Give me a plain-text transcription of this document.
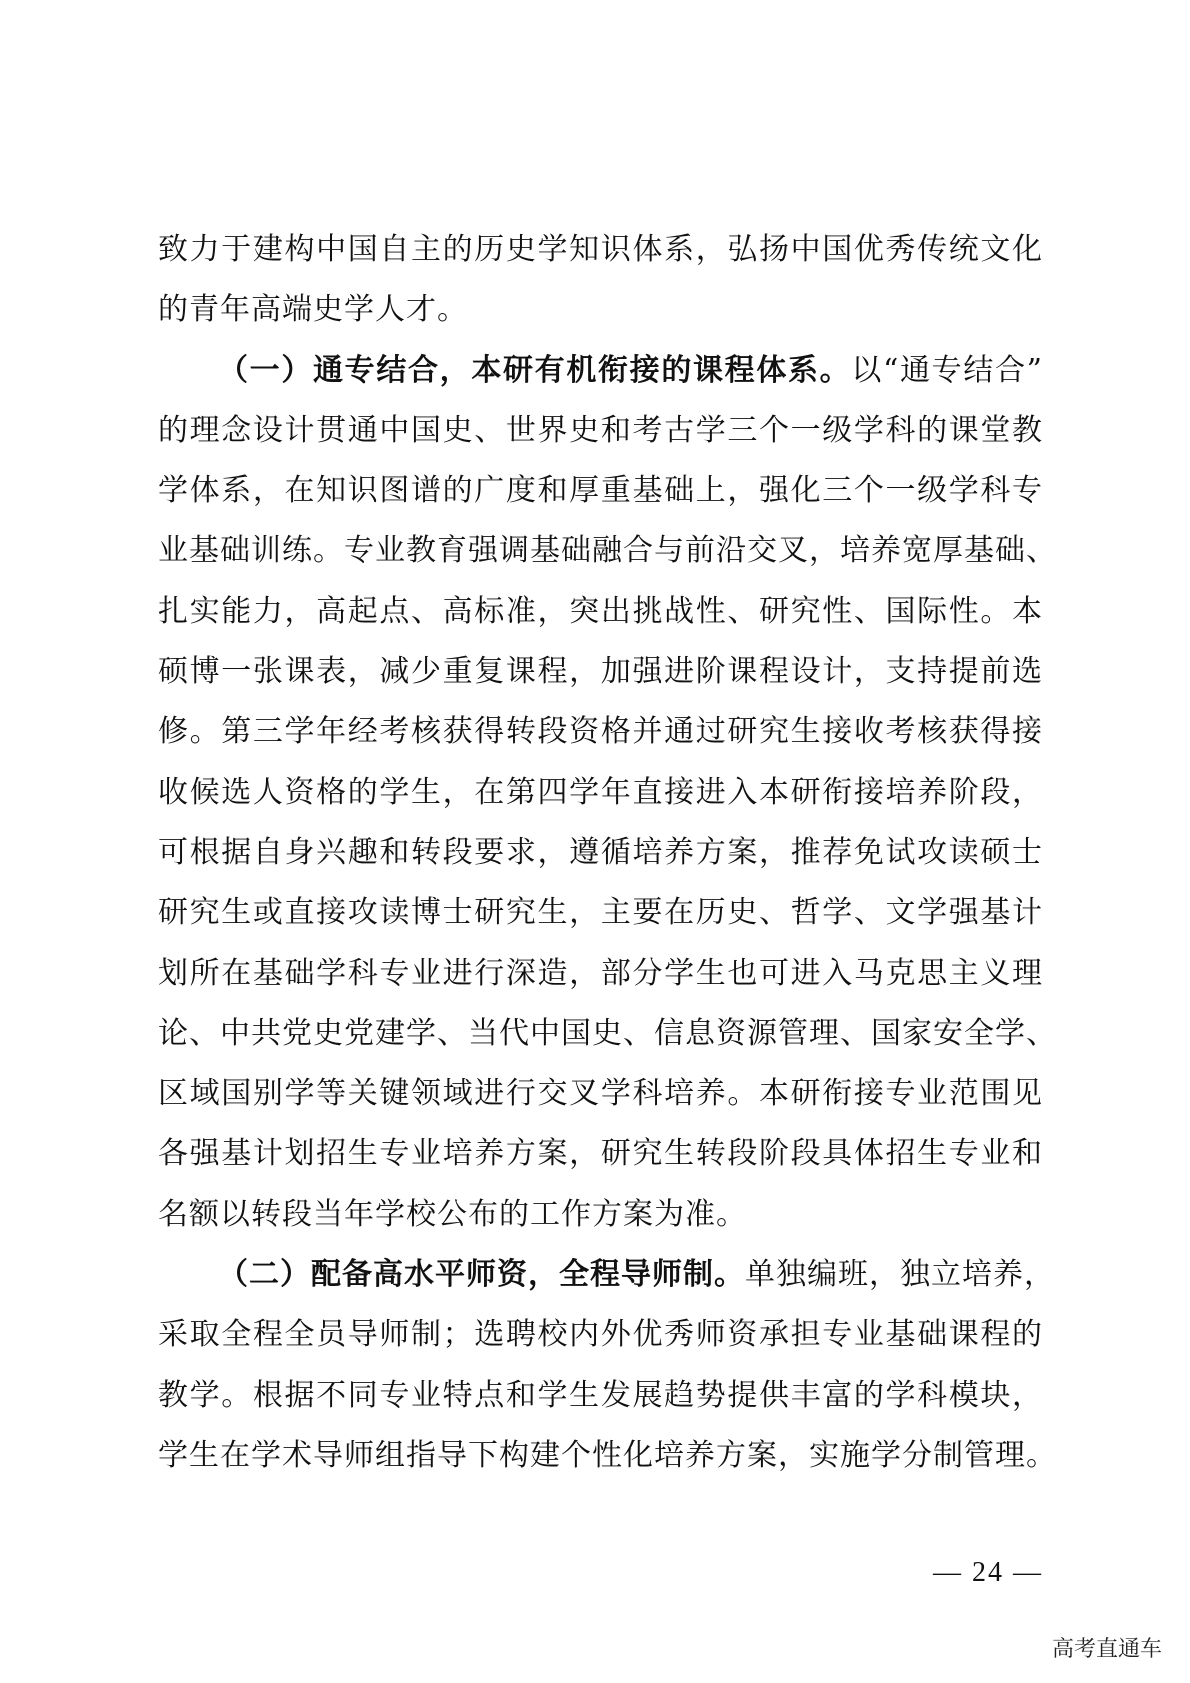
致力于建构中国自主的历史学知识体系，弘扬中国优秀传统文化
的青年高端史学人才。
（一）通专结合，本研有机衔接的课程体系。以“通专结合”
的理念设计贯通中国史、世界史和考古学三个一级学科的课堂教
学体系，在知识图谱的广度和厚重基础上，强化三个一级学科专
业基础训练。专业教育强调基础融合与前沿交叉，培养宽厚基础、
扎实能力，高起点、高标准，突出挑战性、研究性、国际性。本
硕博一张课表，减少重复课程，加强进阶课程设计，支持提前选
修。第三学年经考核获得转段资格并通过研究生接收考核获得接
收候选人资格的学生，在第四学年直接进入本研衔接培养阶段，
可根据自身兴趣和转段要求，遵循培养方案，推荐免试攻读硕士
研究生或直接攻读博士研究生，主要在历史、哲学、文学强基计
划所在基础学科专业进行深造，部分学生也可进入马克思主义理
论、中共党史党建学、当代中国史、信息资源管理、国家安全学、
区域国别学等关键领域进行交叉学科培养。本研衔接专业范围见
各强基计划招生专业培养方案，研究生转段阶段具体招生专业和
名额以转段当年学校公布的工作方案为准。
（二）配备高水平师资，全程导师制。单独编班，独立培养，
采取全程全员导师制；选聘校内外优秀师资承担专业基础课程的
教学。根据不同专业特点和学生发展趋势提供丰富的学科模块，
学生在学术导师组指导下构建个性化培养方案，实施学分制管理。
— 24 —
高考直通车
